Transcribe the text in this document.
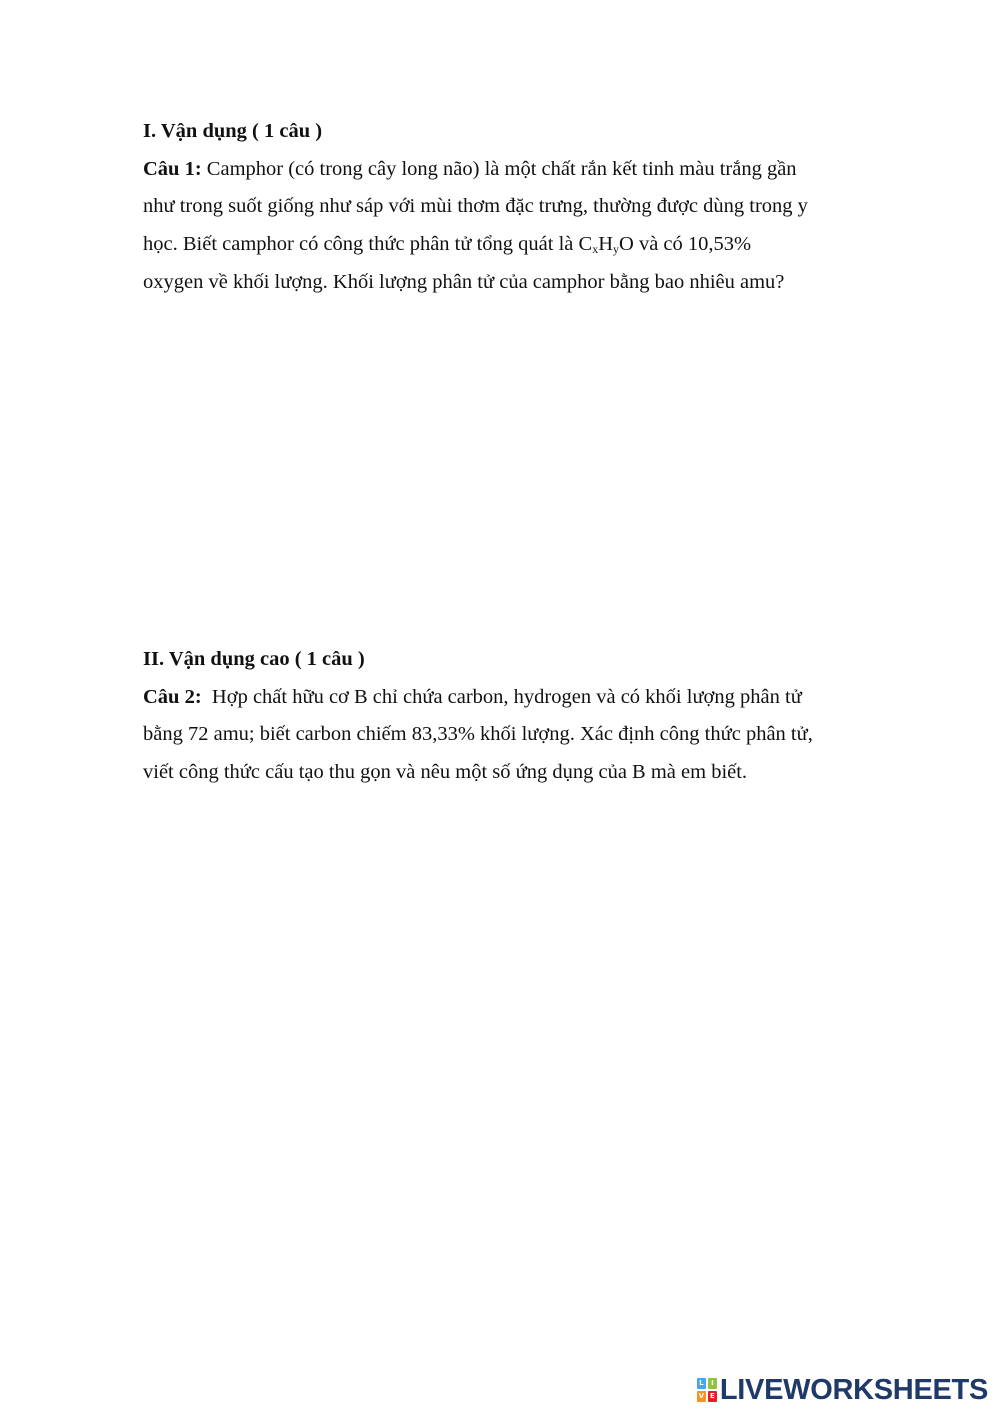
I. Vận dụng ( 1 câu )
Câu 1: Camphor (có trong cây long não) là một chất rắn kết tinh màu trắng gần
như trong suốt giống như sáp với mùi thơm đặc trưng, thường được dùng trong y
học. Biết camphor có công thức phân tử tổng quát là $C_xH_yO$ và có 10,53%
oxygen về khối lượng. Khối lượng phân tử của camphor bằng bao nhiêu amu?
II. Vận dụng cao ( 1 câu )
Câu 2:  Hợp chất hữu cơ B chỉ chứa carbon, hydrogen và có khối lượng phân tử
bằng 72 amu; biết carbon chiếm 83,33% khối lượng. Xác định công thức phân tử,
viết công thức cấu tạo thu gọn và nêu một số ứng dụng của B mà em biết.
L	I
V E LIVEWORKSHEETS
